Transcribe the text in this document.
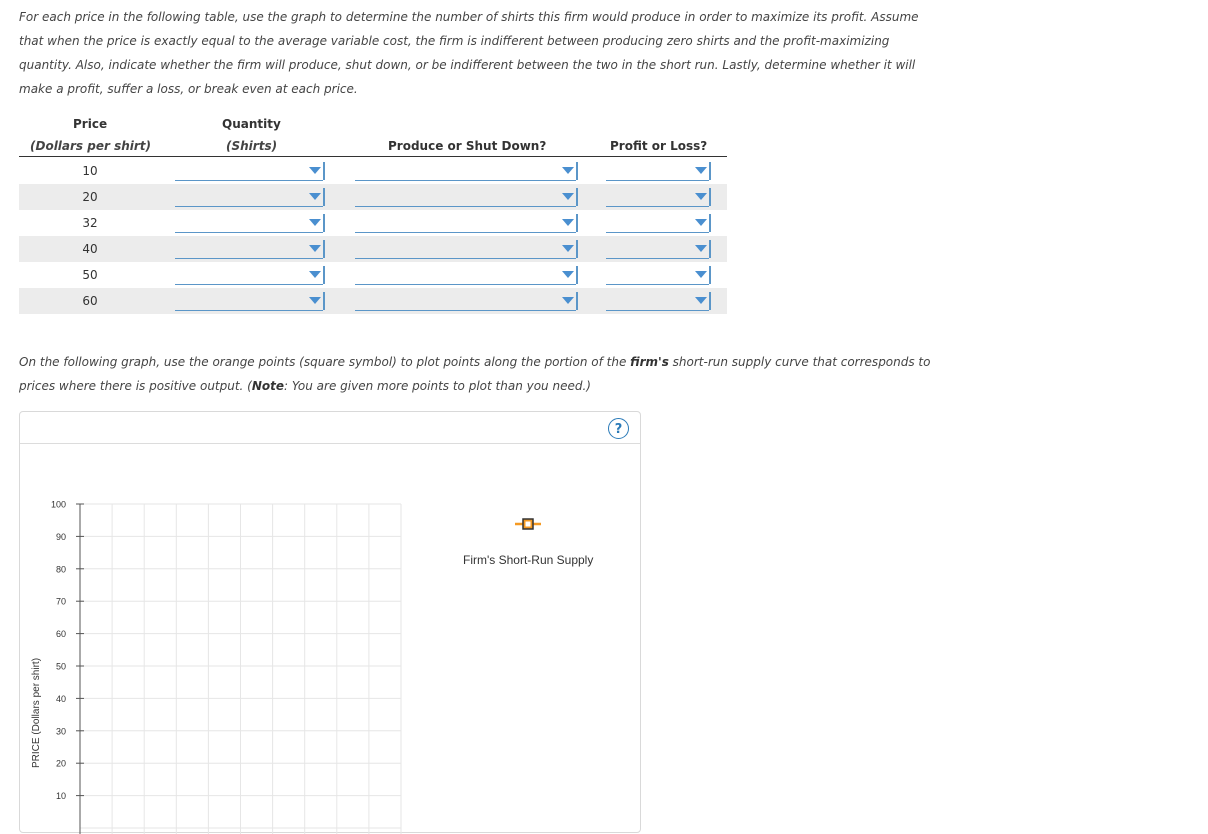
For each price in the following table, use the graph to determine the number of shirts this firm would produce in order to maximize its profit. Assume that when the price is exactly equal to the average variable cost, the firm is indifferent between producing zero shirts and the profit-maximizing quantity. Also, indicate whether the firm will produce, shut down, or be indifferent between the two in the short run. Lastly, determine whether it will make a profit, suffer a loss, or break even at each price.
Price
(Dollars per shirt)
Quantity
(Shirts)	Produce or Shut Down?	Profit or Loss?
10
20
32
40
50
60
On the following graph, use the orange points (square symbol) to plot points along the portion of the firm's short-run supply curve that corresponds to prices where there is positive output. (Note: You are given more points to plot than you need.)
?
100
90
80
70
60
50
40
30
20
10
PRICE (Dollars per shirt)
Firm's Short-Run Supply
